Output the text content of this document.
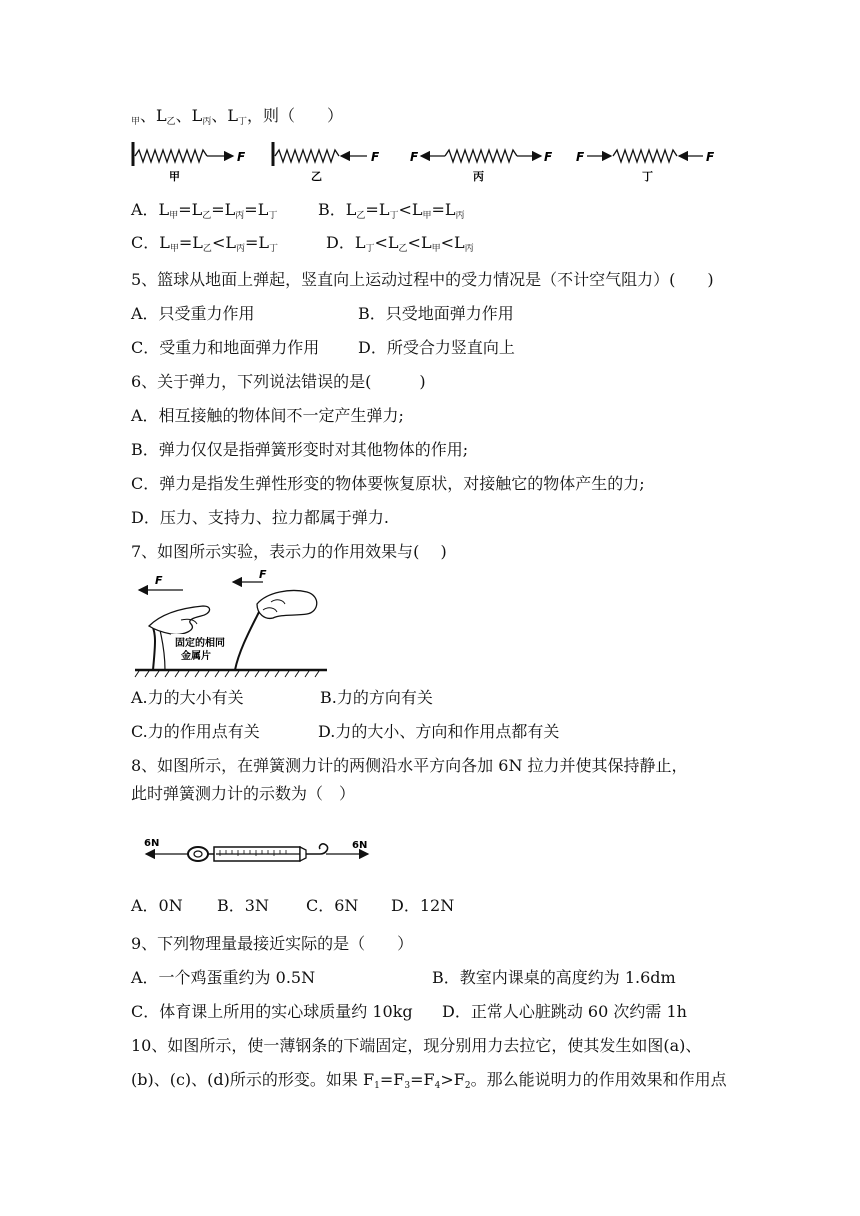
$_甲$、$L_乙$、$L_丙$、$L_丁$，则（　　）
F
甲
F
乙
F	F
丙
F	F
丁
A．$L_甲=L_乙=L_丙=L_丁$	B．$L_乙=L_丁<L_甲=L_丙$
C．$L_甲=L_乙<L_丙=L_丁$	D．$L_丁<L_乙<L_甲<L_丙$
5、篮球从地面上弹起，竖直向上运动过程中的受力情况是（不计空气阻力）(　　)
A．只受重力作用	B．只受地面弹力作用
C．受重力和地面弹力作用 D．所受合力竖直向上
6、关于弹力，下列说法错误的是(　　　)
A．相互接触的物体间不一定产生弹力;
B．弹力仅仅是指弹簧形变时对其他物体的作用;
C．弹力是指发生弹性形变的物体要恢复原状，对接触它的物体产生的力;
D．压力、支持力、拉力都属于弹力.
7、如图所示实验，表示力的作用效果与(　 )
F	F
固定的相同
金属片
A.力的大小有关	B.力的方向有关
C.力的作用点有关	D.力的大小、方向和作用点都有关
8、如图所示，在弹簧测力计的两侧沿水平方向各加 6N 拉力并使其保持静止，
此时弹簧测力计的示数为（　）
6N	6N
A．0N B．3N C．6N D．12N
9、下列物理量最接近实际的是（　　）
A．一个鸡蛋重约为 0.5N	B．教室内课桌的高度约为 1.6dm
C．体育课上所用的实心球质量约 10kg D．正常人心脏跳动 60 次约需 1h
10、如图所示，使一薄钢条的下端固定，现分别用力去拉它，使其发生如图(a)、
(b)、(c)、(d)所示的形变。如果 $F_1=F_3=F_4>F_2$。那么能说明力的作用效果和作用点
